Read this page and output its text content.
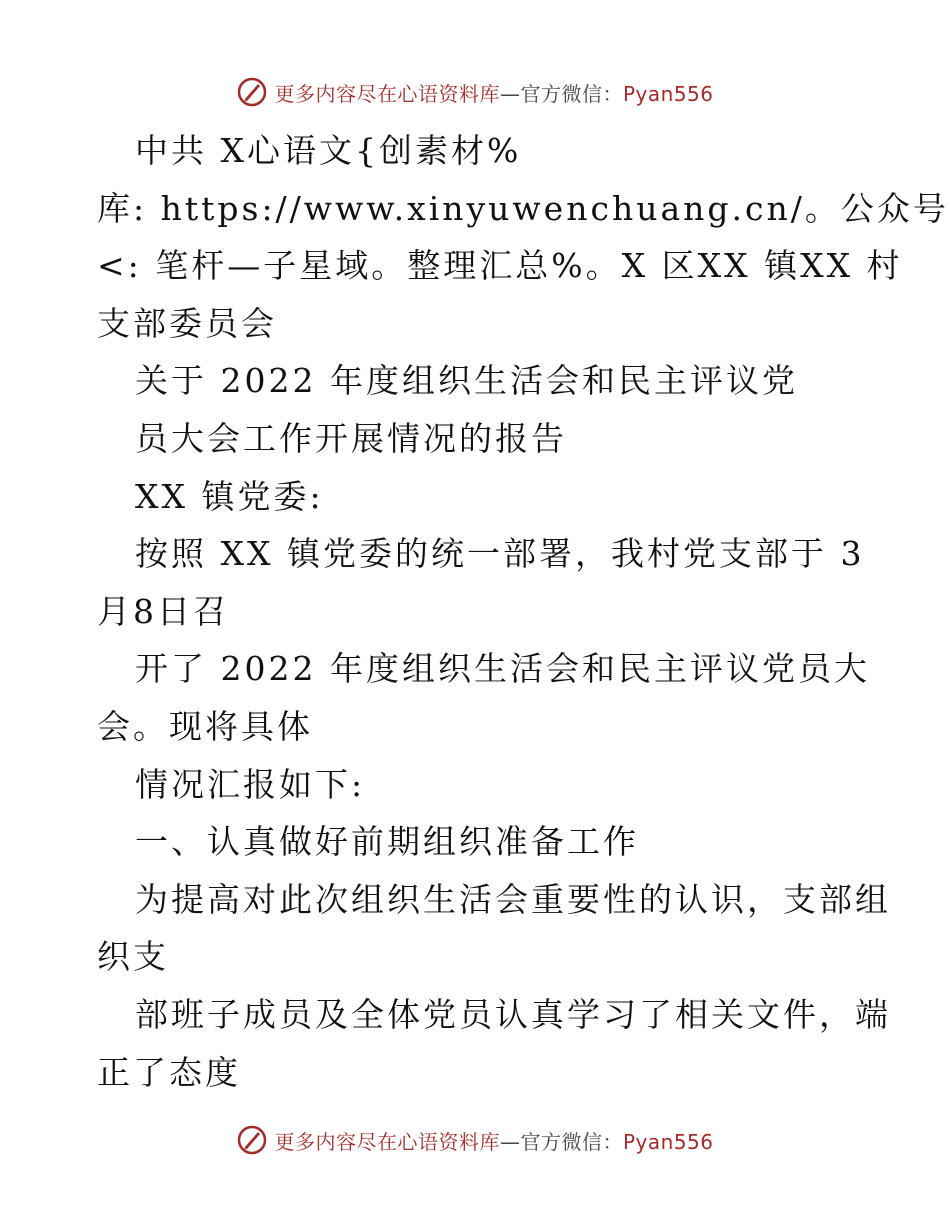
更多内容尽在心语资料库—官方微信：Pyan556
中共 X心语文{创素材%
库: https://www.xinyuwenchuang.cn/。公众号
<: 笔杆—子星域。整理汇总%。X 区XX 镇XX 村
支部委员会
关于 2022 年度组织生活会和民主评议党
员大会工作开展情况的报告
XX 镇党委:
按照 XX 镇党委的统一部署，我村党支部于 3
月8日召
开了 2022 年度组织生活会和民主评议党员大
会。现将具体
情况汇报如下:
一、认真做好前期组织准备工作
为提高对此次组织生活会重要性的认识，支部组
织支
部班子成员及全体党员认真学习了相关文件，端
正了态度
更多内容尽在心语资料库—官方微信：Pyan556
